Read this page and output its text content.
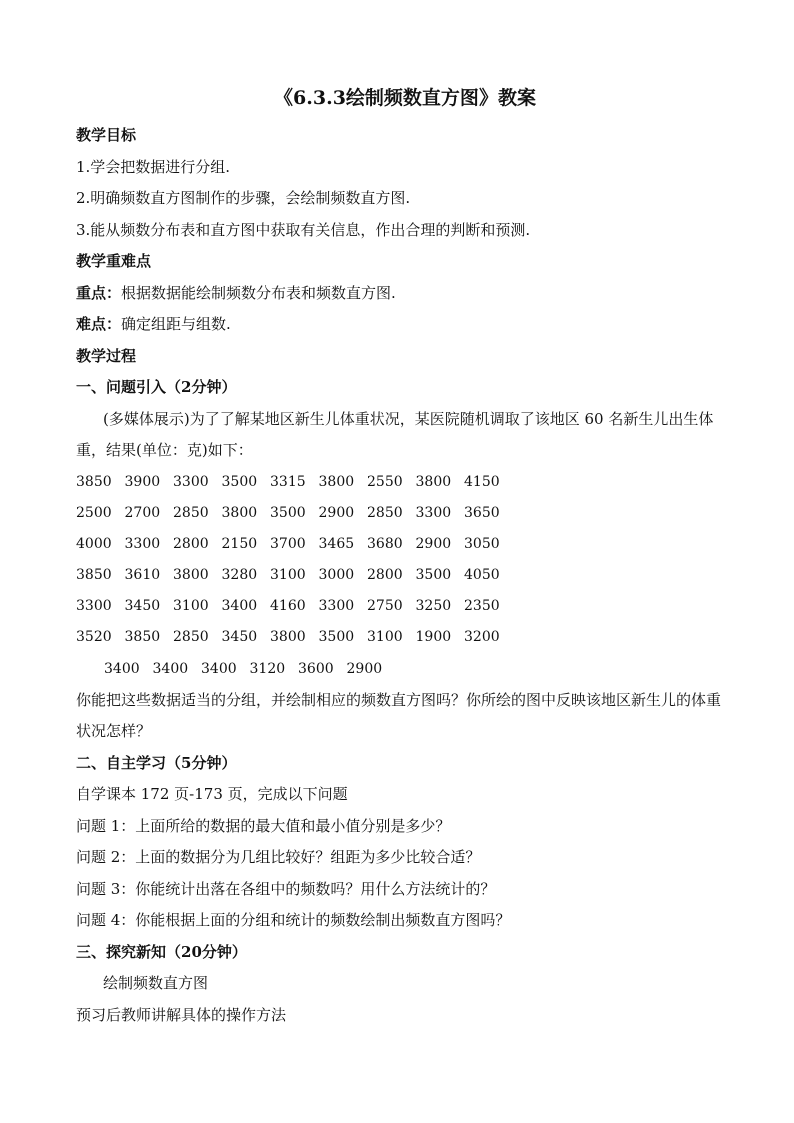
《6.3.3绘制频数直方图》教案
教学目标
1.学会把数据进行分组.
2.明确频数直方图制作的步骤，会绘制频数直方图.
3.能从频数分布表和直方图中获取有关信息，作出合理的判断和预测.
教学重难点
重点：根据数据能绘制频数分布表和频数直方图.
难点：确定组距与组数.
教学过程
一、问题引入（2分钟）
(多媒体展示)为了了解某地区新生儿体重状况，某医院随机调取了该地区 60 名新生儿出生体重，结果(单位：克)如下：
3850 3900 3300 3500 3315 3800 2550 3800 4150
2500 2700 2850 3800 3500 2900 2850 3300 3650
4000 3300 2800 2150 3700 3465 3680 2900 3050
3850 3610 3800 3280 3100 3000 2800 3500 4050
3300 3450 3100 3400 4160 3300 2750 3250 2350
3520 3850 2850 3450 3800 3500 3100 1900 3200
3400 3400 3400 3120 3600 2900
你能把这些数据适当的分组，并绘制相应的频数直方图吗？你所绘的图中反映该地区新生儿的体重状况怎样？
二、自主学习（5分钟）
自学课本 172 页-173 页，完成以下问题
问题 1：上面所给的数据的最大值和最小值分别是多少？
问题 2：上面的数据分为几组比较好？组距为多少比较合适？
问题 3：你能统计出落在各组中的频数吗？用什么方法统计的？
问题 4：你能根据上面的分组和统计的频数绘制出频数直方图吗？
三、探究新知（20分钟）
绘制频数直方图
预习后教师讲解具体的操作方法
